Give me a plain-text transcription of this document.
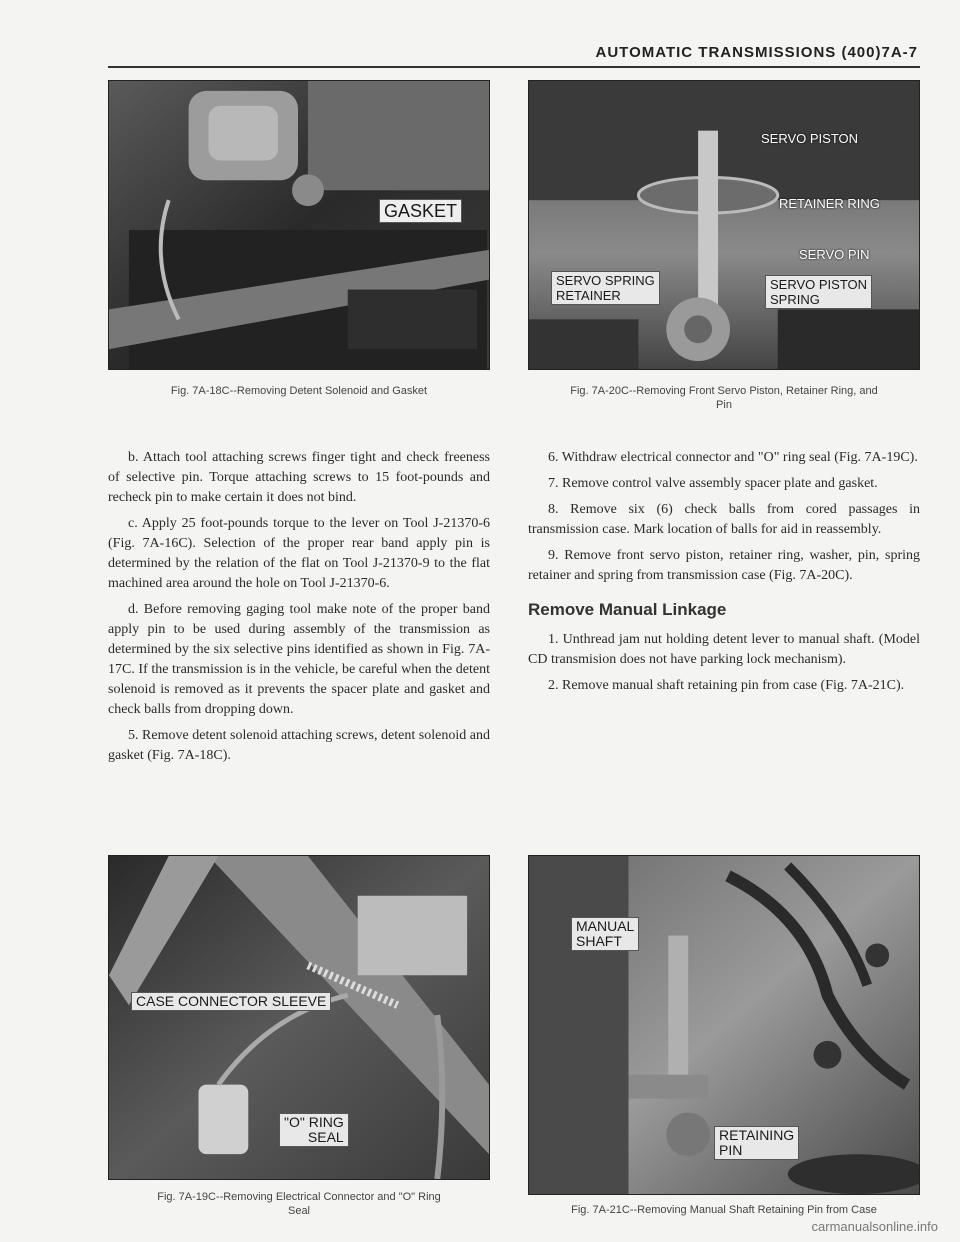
AUTOMATIC TRANSMISSIONS (400)7A-7
GASKET
Fig. 7A-18C--Removing Detent Solenoid and Gasket
SERVO PISTON
RETAINER RING
SERVO PIN
SERVO SPRING
RETAINER
SERVO PISTON
SPRING
Fig. 7A-20C--Removing Front Servo Piston, Retainer Ring, and
Pin

b. Attach tool attaching screws finger tight and check freeness of selective pin. Torque attaching screws to 15 foot-pounds and recheck pin to make certain it does not bind.

c. Apply 25 foot-pounds torque to the lever on Tool J-21370-6 (Fig. 7A-16C). Selection of the proper rear band apply pin is determined by the relation of the flat on Tool J-21370-9 to the flat machined area around the hole on Tool J-21370-6.

d. Before removing gaging tool make note of the proper band apply pin to be used during assembly of the transmission as determined by the six selective pins identified as shown in Fig. 7A-17C. If the transmission is in the vehicle, be careful when the detent solenoid is removed as it prevents the spacer plate and gasket and check balls from dropping down.

5. Remove detent solenoid attaching screws, detent solenoid and gasket (Fig. 7A-18C).

6. Withdraw electrical connector and "O" ring seal (Fig. 7A-19C).

7. Remove control valve assembly spacer plate and gasket.

8. Remove six (6) check balls from cored passages in transmission case. Mark location of balls for aid in reassembly.

9. Remove front servo piston, retainer ring, washer, pin, spring retainer and spring from transmission case (Fig. 7A-20C).

Remove Manual Linkage

1. Unthread jam nut holding detent lever to manual shaft. (Model CD transmision does not have parking lock mechanism).

2. Remove manual shaft retaining pin from case (Fig. 7A-21C).

CASE CONNECTOR SLEEVE
"O" RING
SEAL
Fig. 7A-19C--Removing Electrical Connector and "O" Ring
Seal
MANUAL
SHAFT
RETAINING
PIN
Fig. 7A-21C--Removing Manual Shaft Retaining Pin from Case
carmanualsonline.info
